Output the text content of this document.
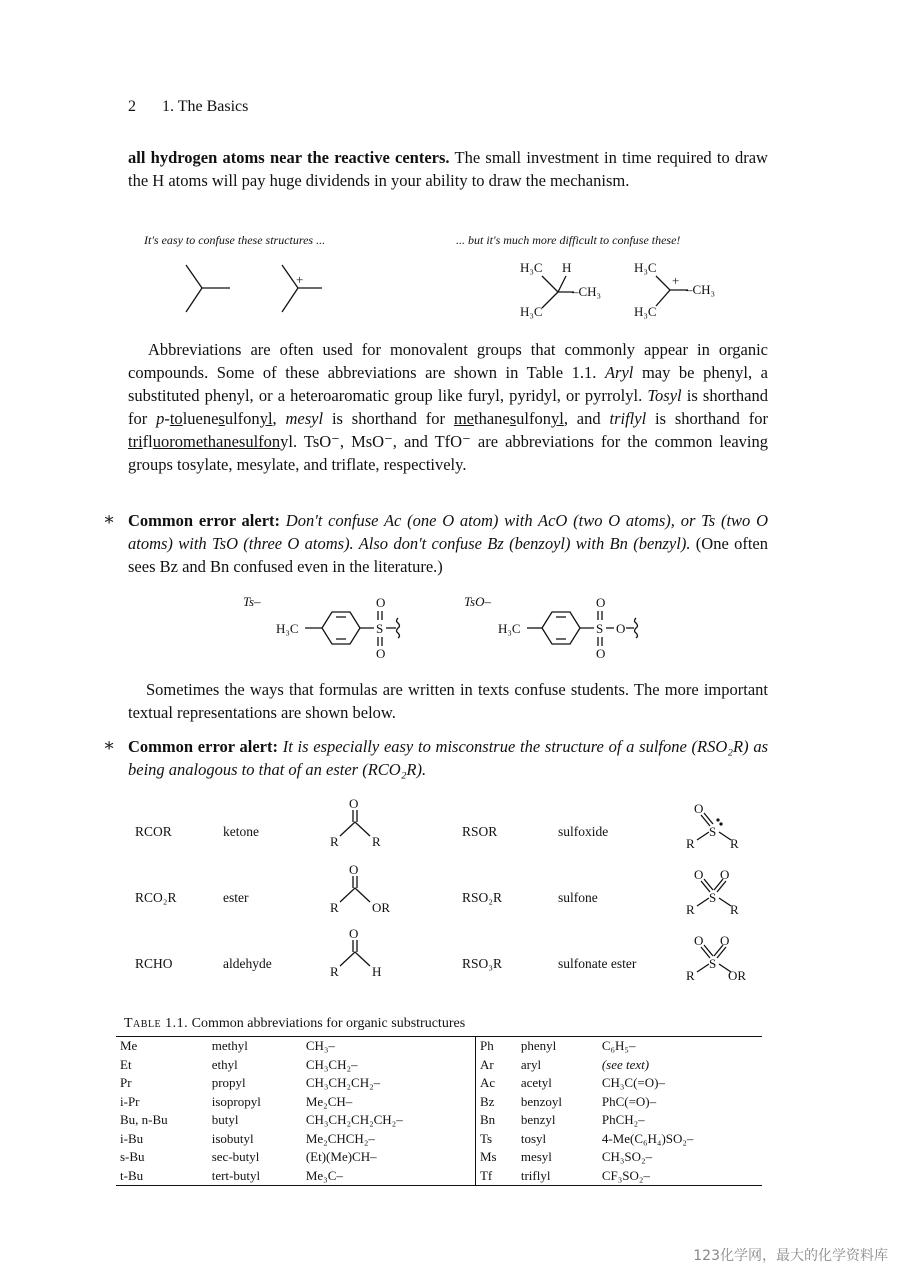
2 1. The Basics
all hydrogen atoms near the reactive centers. The small investment in time required to draw the H atoms will pay huge dividends in your ability to draw the mechanism.
It's easy to confuse these structures ...	... but it's much more difficult to confuse these!
+
H₃C H
–CH₃
H₃C
H₃C
+
–CH₃
H₃C
Abbreviations are often used for monovalent groups that commonly appear in organic compounds. Some of these abbreviations are shown in Table 1.1. Aryl may be phenyl, a substituted phenyl, or a heteroaromatic group like furyl, pyridyl, or pyrrolyl. Tosyl is shorthand for p-toluenesulfonyl, mesyl is shorthand for methanesulfonyl, and triflyl is shorthand for trifluoromethanesulfonyl. TsO⁻, MsO⁻, and TfO⁻ are abbreviations for the common leaving groups tosylate, mesylate, and triflate, respectively.
∗ Common error alert: Don't confuse Ac (one O atom) with AcO (two O atoms), or Ts (two O atoms) with TsO (three O atoms). Also don't confuse Bz (benzoyl) with Bn (benzyl). (One often sees Bz and Bn confused even in the literature.)
Ts–	TsO–
H₃C
O
S
O
H₃C
O
S
O
O
Sometimes the ways that formulas are written in texts confuse students. The more important textual representations are shown below.
∗ Common error alert: It is especially easy to misconstrue the structure of a sulfone (RSO₂R) as being analogous to that of an ester (RCO₂R).
RCOR	ketone	RSOR	sulfoxide
RCO₂R	ester	RSO₂R	sulfone
RCHO	aldehyde	RSO₃R	sulfonate ester
O
R	R
O
R	OR
O
R	H
O
S
R	R
O O
S
R	R
O O
S
R	OR
Table 1.1. Common abbreviations for organic substructures
Me	methyl	CH₃–	Ph	phenyl	C₆H₅–
Et	ethyl	CH₃CH₂–	Ar	aryl	(see text)
Pr	propyl	CH₃CH₂CH₂–	Ac	acetyl	CH₃C(=O)–
i-Pr	isopropyl	Me₂CH–	Bz	benzoyl	PhC(=O)–
Bu, n-Bu	butyl	CH₃CH₂CH₂CH₂–	Bn	benzyl	PhCH₂–
i-Bu	isobutyl	Me₂CHCH₂–	Ts	tosyl	4-Me(C₆H₄)SO₂–
s-Bu	sec-butyl	(Et)(Me)CH–	Ms	mesyl	CH₃SO₂–
t-Bu	tert-butyl	Me₃C–	Tf	triflyl	CF₃SO₂–
123化学网，最大的化学资料库
